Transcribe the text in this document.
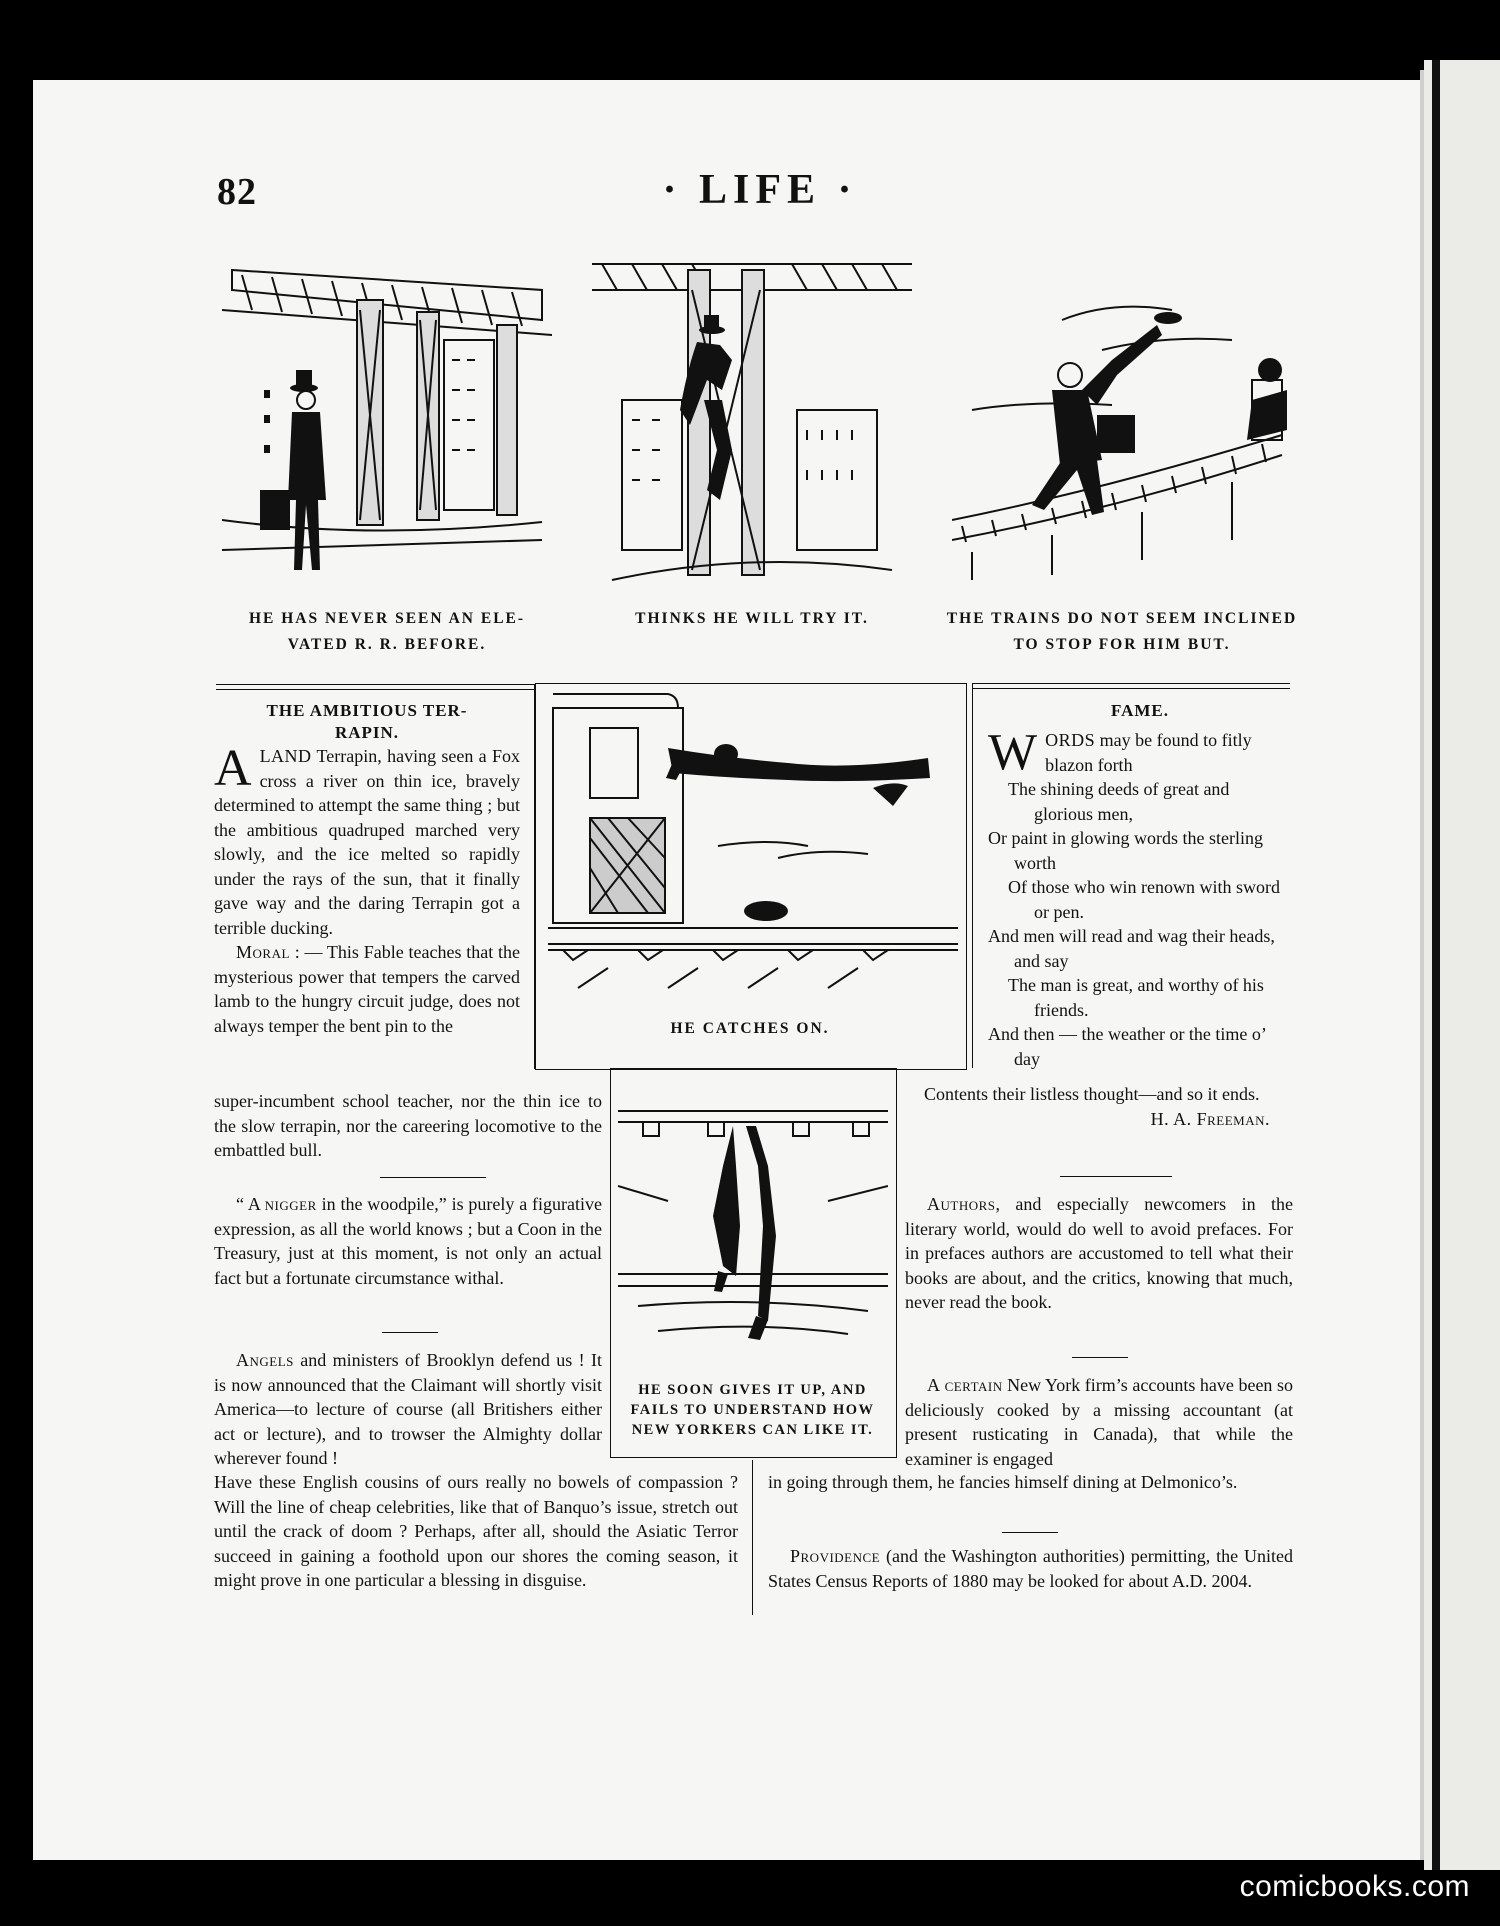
82	· LIFE ·
HE HAS NEVER SEEN AN ELE-
VATED R. R. BEFORE.
THINKS HE WILL TRY IT.	THE TRAINS DO NOT SEEM INCLINED
TO STOP FOR HIM BUT.
HE CATCHES ON.
HE SOON GIVES IT UP, AND
FAILS TO UNDERSTAND HOW
NEW YORKERS CAN LIKE IT.
THE AMBITIOUS TER-
RAPIN.

ALAND Terrapin, having seen a Fox cross a river on thin ice, bravely determined to attempt the same thing ; but the ambitious quadruped marched very slowly, and the ice melted so rapidly under the rays of the sun, that it finally gave way and the daring Terrapin got a terrible ducking.

Moral : — This Fable teaches that the mysterious power that tempers the carved lamb to the hungry circuit judge, does not always temper the bent pin to the

super-incumbent school teacher, nor the thin ice to the slow terrapin, nor the careering locomotive to the embattled bull.

“ A nigger in the woodpile,” is purely a figurative expression, as all the world knows ; but a Coon in the Treasury, just at this moment, is not only an actual fact but a fortunate circumstance withal.

Angels and ministers of Brooklyn defend us ! It is now announced that the Claimant will shortly visit America—to lecture of course (all Britishers either act or lecture), and to trowser the Almighty dollar wherever found !

Have these English cousins of ours really no bowels of compassion ? Will the line of cheap celebrities, like that of Banquo’s issue, stretch out until the crack of doom ? Perhaps, after all, should the Asiatic Terror succeed in gaining a foothold upon our shores the coming season, it might prove in one particular a blessing in disguise.

FAME.

WORDS may be found to fitly blazon forth

The shining deeds of great and glorious men,

Or paint in glowing words the sterling worth

Of those who win renown with sword or pen.

And men will read and wag their heads, and say

The man is great, and worthy of his friends.

And then — the weather or the time o’ day

Contents their listless thought—and so it ends.

H. A. Freeman.

Authors, and especially newcomers in the literary world, would do well to avoid prefaces. For in prefaces authors are accustomed to tell what their books are about, and the critics, knowing that much, never read the book.

A certain New York firm’s accounts have been so deliciously cooked by a missing accountant (at present rusticating in Canada), that while the examiner is engaged

in going through them, he fancies himself dining at Delmonico’s.

Providence (and the Washington authorities) permitting, the United States Census Reports of 1880 may be looked for about A.D. 2004.

comicbooks.com
